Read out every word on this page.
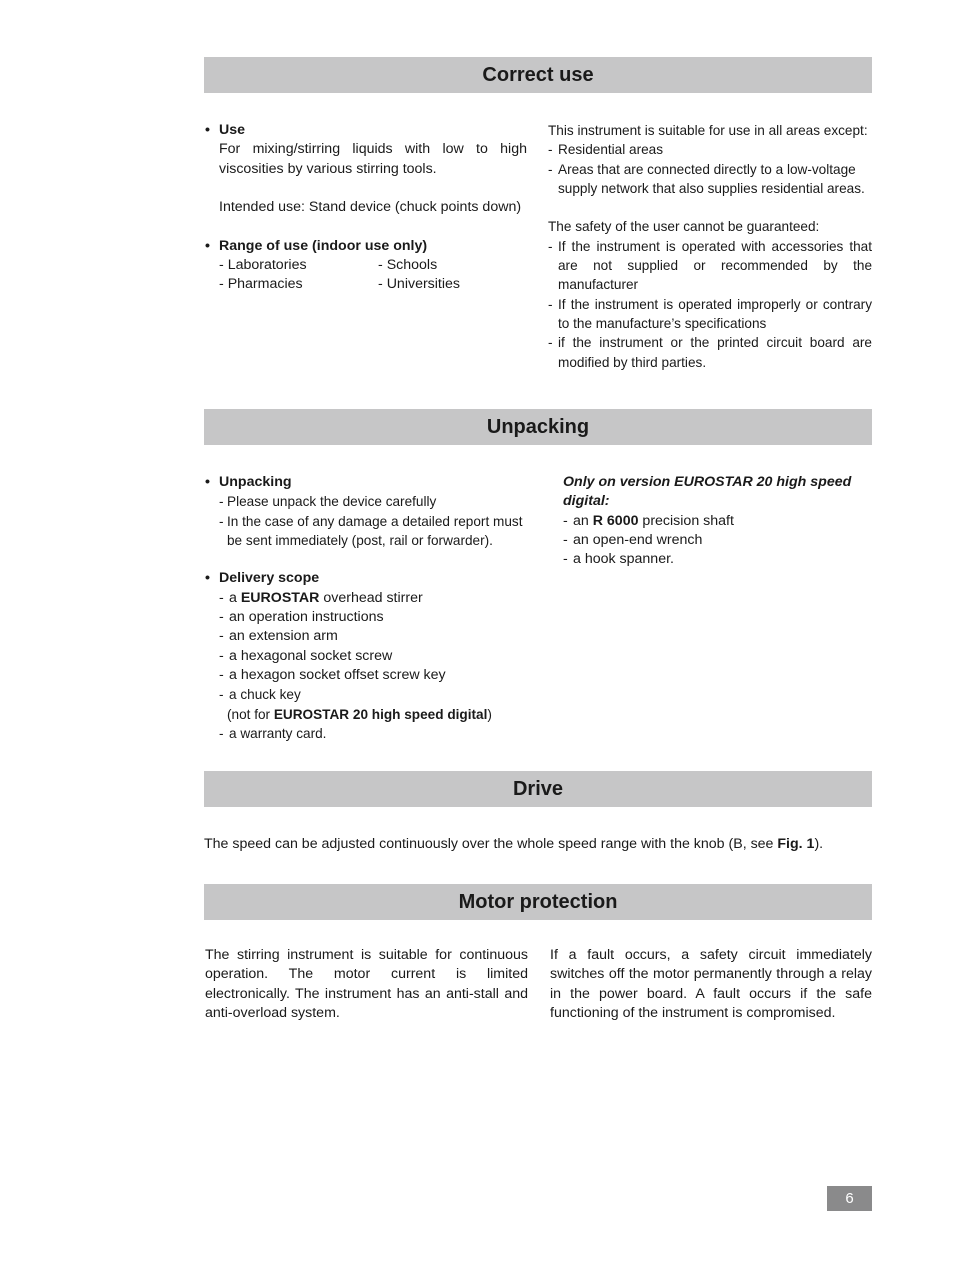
Correct use
• Use
For mixing/stirring liquids with low to high viscosities by various stirring tools.
Intended use: Stand device (chuck points down)
• Range of use (indoor use only)
- Laboratories	- Schools
- Pharmacies	- Universities
This instrument is suitable for use in all areas except:
- Residential areas
- Areas that are connected directly to a low-voltage supply network that also supplies residential areas.
The safety of the user cannot be guaranteed:
- If the instrument is operated with accessories that are not supplied or recommended by the manufacturer
- If the instrument is operated improperly or contrary to the manufacture’s specifications
- if the instrument or the printed circuit board are modified by third parties.
Unpacking
• Unpacking
- Please unpack the device carefully
- In the case of any damage a detailed report must be sent immediately (post, rail or forwarder).
• Delivery scope
- a EUROSTAR overhead stirrer
- an operation instructions
- an extension arm
- a hexagonal socket screw
- a hexagon socket offset screw key
- a chuck key
(not for EUROSTAR 20 high speed digital)
- a warranty card.
Only on version EUROSTAR 20 high speed digital:
- an R 6000 precision shaft
- an open-end wrench
- a hook spanner.
Drive
The speed can be adjusted continuously over the whole speed range with the knob (B, see Fig. 1).
Motor protection
The stirring instrument is suitable for continuous operation. The motor current is limited electronically. The instrument has an anti-stall and anti-overload system.
If a fault occurs, a safety circuit immediately switches off the motor permanently through a relay in the power board. A fault occurs if the safe functioning of the instrument is compromised.
6
